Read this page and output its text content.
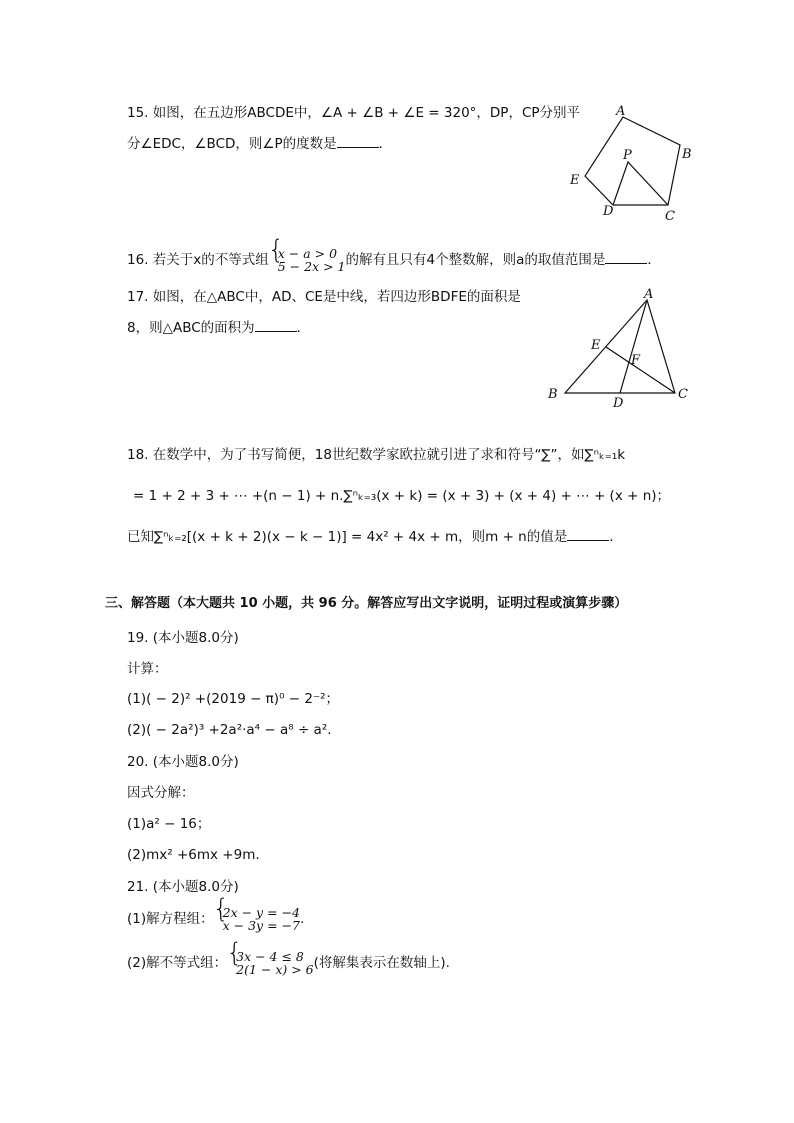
15. 如图，在五边形ABCDE中，∠A + ∠B + ∠E = 320°，DP，CP分别平
分∠EDC，∠BCD，则∠P的度数是	．
A
B
C
D
E
P
16. 若关于x的不等式组 { x − a > 0
5 − 2x > 1 的解有且只有4个整数解，则a的取值范围是	．
17. 如图，在△ABC中，AD、CE是中线，若四边形BDFE的面积是
8，则△ABC的面积为	．
A
B	C
D
E
F
18. 在数学中，为了书写简便，18世纪数学家欧拉就引进了求和符号“∑”，如∑ⁿₖ₌₁k
= 1 + 2 + 3 + ⋯ +(n − 1) + n.∑ⁿₖ₌₃(x + k) = (x + 3) + (x + 4) + ⋯ + (x + n)；
已知∑ⁿₖ₌₂[(x + k + 2)(x − k − 1)] = 4x² + 4x + m，则m + n的值是	．
三、解答题（本大题共 10 小题，共 96 分。解答应写出文字说明，证明过程或演算步骤）
19. (本小题8.0分)
计算：
(1)( − 2)² +(2019 − π)⁰ − 2⁻²；
(2)( − 2a²)³ +2a²·a⁴ − a⁸ ÷ a².
20. (本小题8.0分)
因式分解：
(1)a² − 16；
(2)mx² +6mx +9m.
21. (本小题8.0分)
(1)解方程组： { 2x − y = −4
x − 3y = −7 .
(2)解不等式组： { 3x − 4 ≤ 8
2(1 − x) > 6 (将解集表示在数轴上).
